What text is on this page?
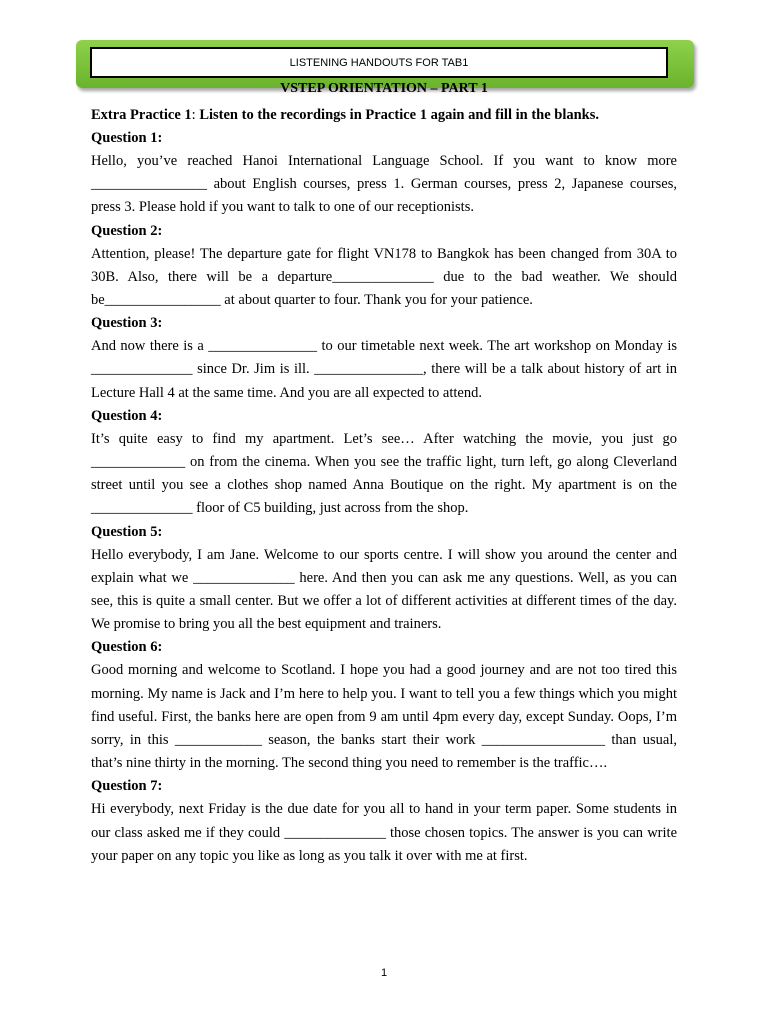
LISTENING HANDOUTS FOR TAB1
VSTEP ORIENTATION – PART 1
Extra Practice 1: Listen to the recordings in Practice 1 again and fill in the blanks.
Question 1:
Hello, you’ve reached Hanoi International Language School. If you want to know more ________________ about English courses, press 1. German courses, press 2, Japanese courses, press 3. Please hold if you want to talk to one of our receptionists.
Question 2:
Attention, please! The departure gate for flight VN178 to Bangkok has been changed from 30A to 30B. Also, there will be a departure______________ due to the bad weather. We should be________________ at about quarter to four. Thank you for your patience.
Question 3:
And now there is a _______________ to our timetable next week. The art workshop on Monday is ______________ since Dr. Jim is ill. _______________, there will be a talk about history of art in Lecture Hall 4 at the same time. And you are all expected to attend.
Question 4:
It’s quite easy to find my apartment. Let’s see… After watching the movie, you just go _____________ on from the cinema. When you see the traffic light, turn left, go along Cleverland street until you see a clothes shop named Anna Boutique on the right. My apartment is on the ______________ floor of C5 building, just across from the shop.
Question 5:
Hello everybody, I am Jane. Welcome to our sports centre. I will show you around the center and explain what we ______________ here. And then you can ask me any questions. Well, as you can see, this is quite a small center. But we offer a lot of different activities at different times of the day. We promise to bring you all the best equipment and trainers.
Question 6:
Good morning and welcome to Scotland. I hope you had a good journey and are not too tired this morning. My name is Jack and I’m here to help you. I want to tell you a few things which you might find useful. First, the banks here are open from 9 am until 4pm every day, except Sunday. Oops, I’m sorry, in this ____________ season, the banks start their work _________________ than usual, that’s nine thirty in the morning. The second thing you need to remember is the traffic….
Question 7:
Hi everybody, next Friday is the due date for you all to hand in your term paper. Some students in our class asked me if they could ______________ those chosen topics. The answer is you can write your paper on any topic you like as long as you talk it over with me at first.
1
